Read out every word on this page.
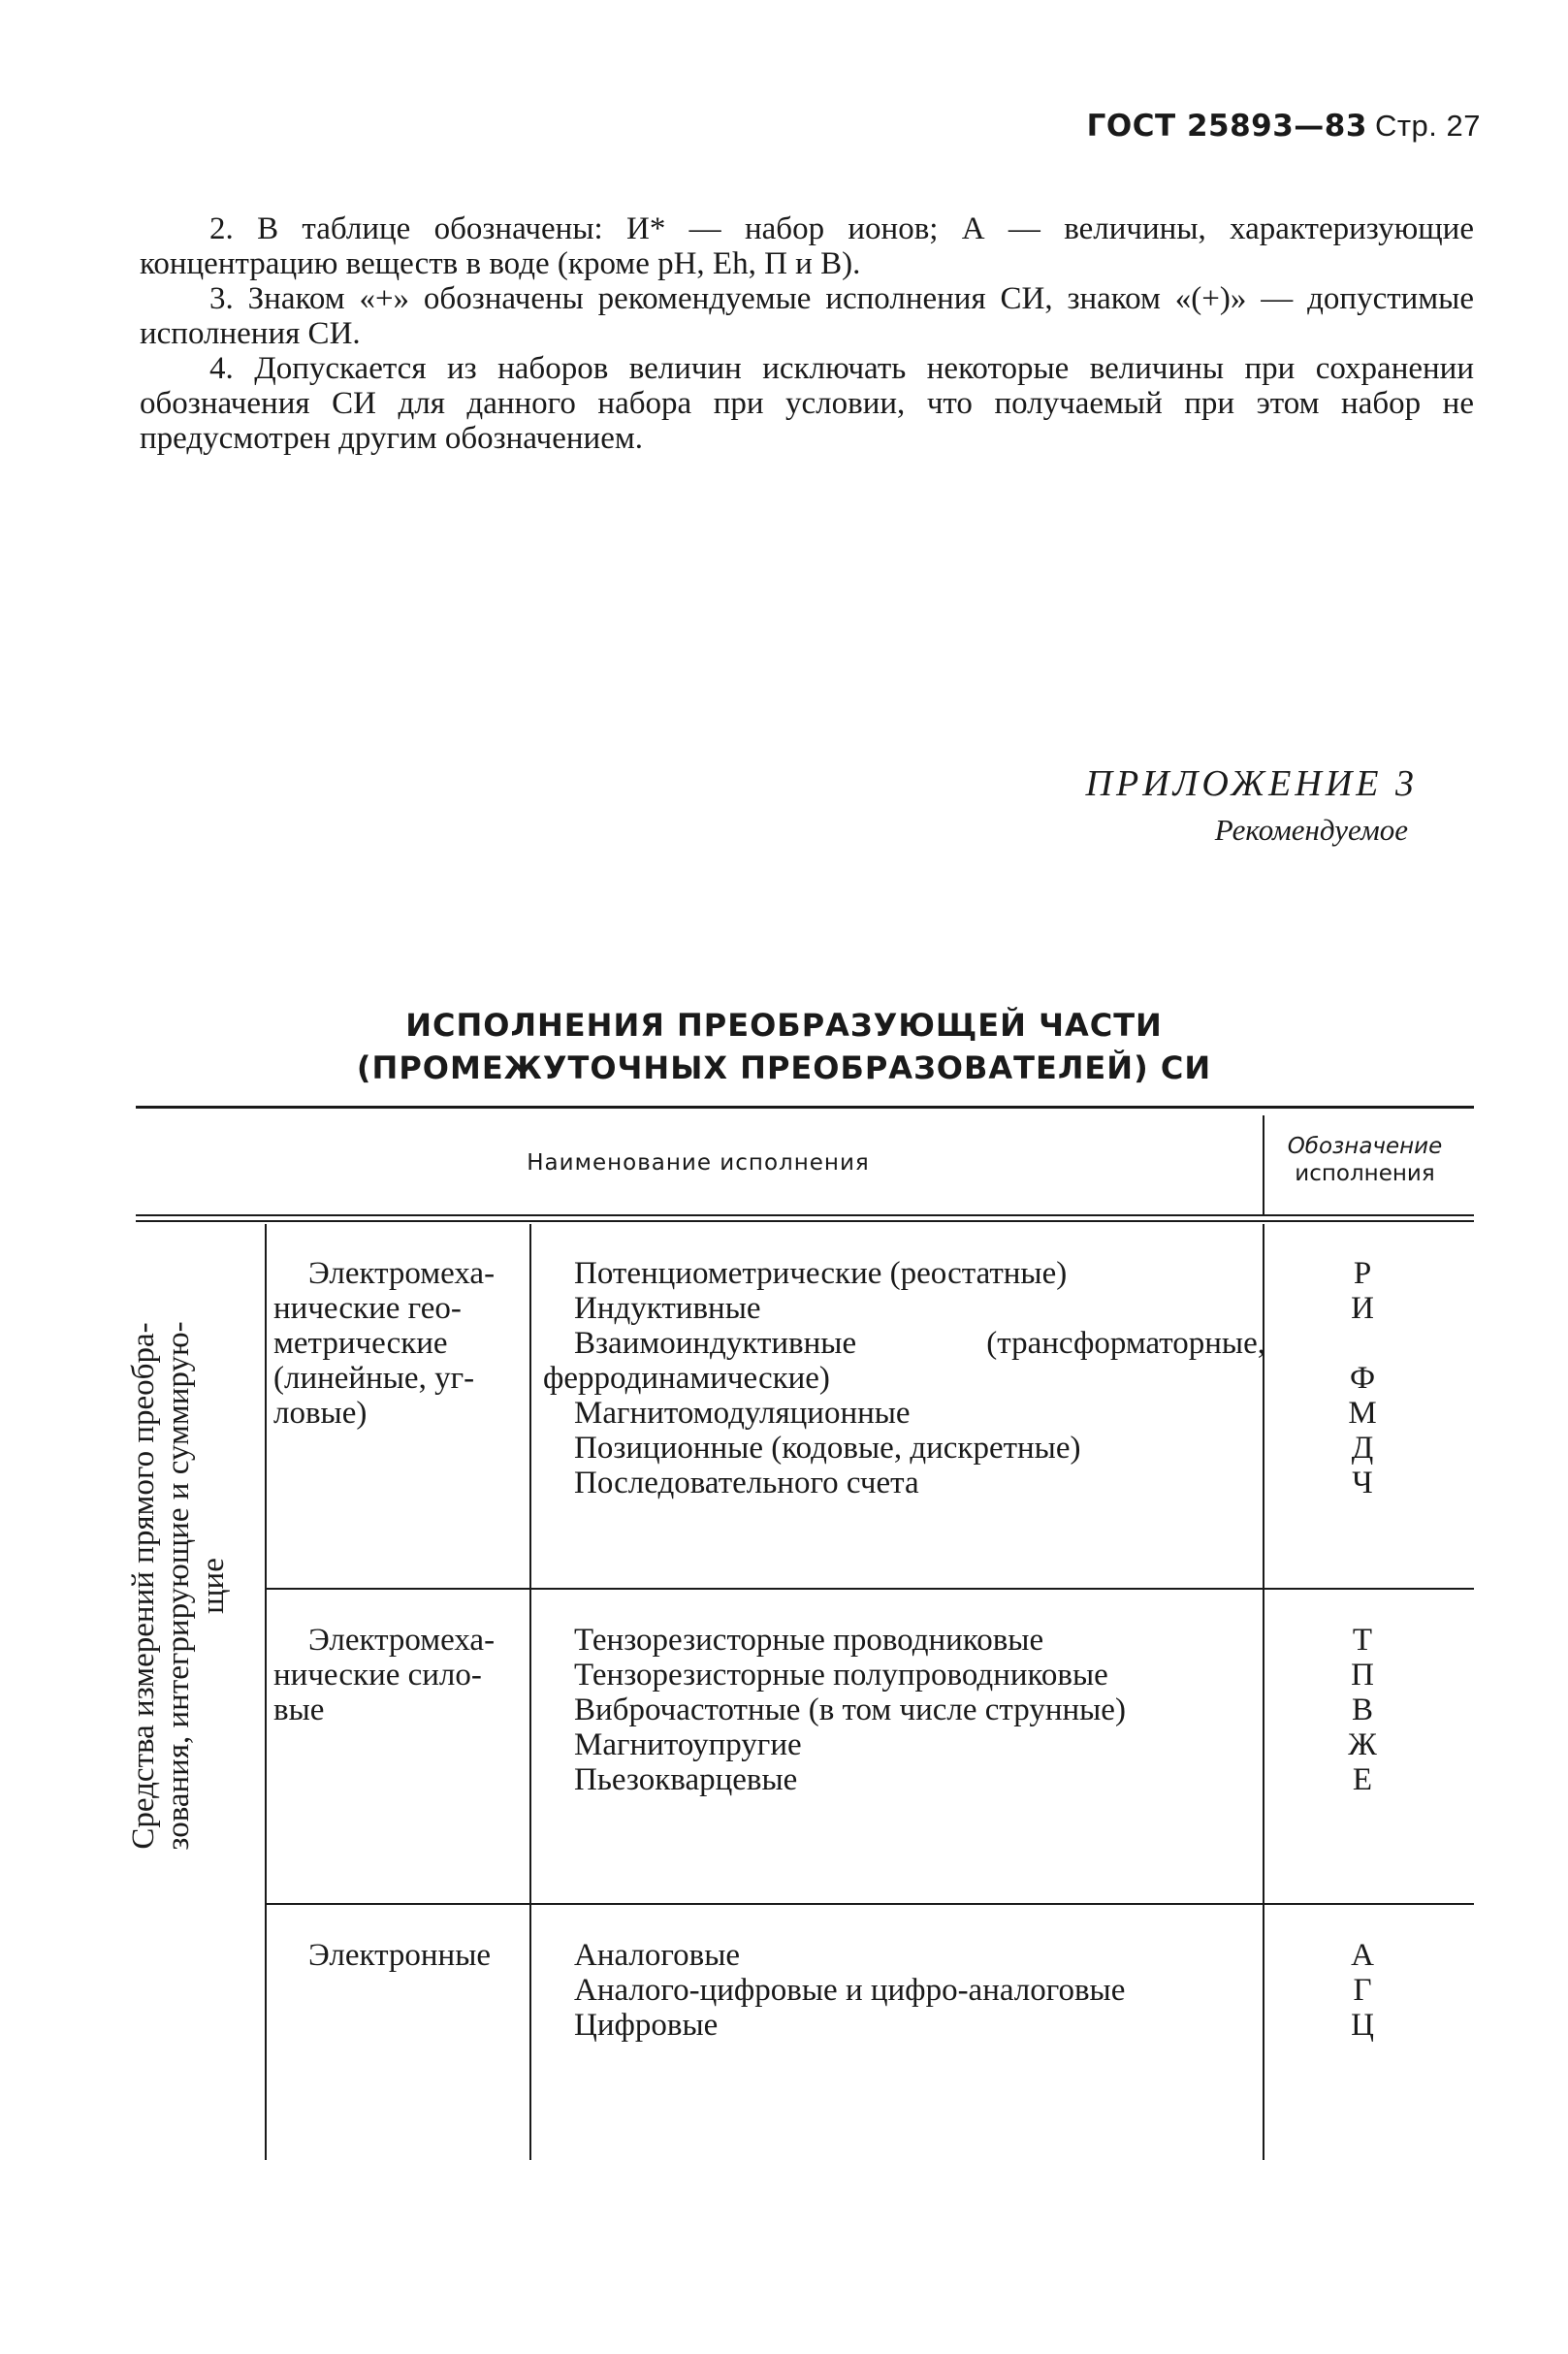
ГОСТ 25893—83 Стр. 27

2. В таблице обозначены: И* — набор ионов; А — величины, характеризующие концентрацию веществ в воде (кроме pH, Eh, П и В).

3. Знаком «+» обозначены рекомендуемые исполнения СИ, знаком «(+)» — допустимые исполнения СИ.

4. Допускается из наборов величин исключать некоторые величины при сохранении обозначения СИ для данного набора при условии, что получаемый при этом набор не предусмотрен другим обозначением.

ПРИЛОЖЕНИЕ 3
Рекомендуемое
ИСПОЛНЕНИЯ ПРЕОБРАЗУЮЩЕЙ ЧАСТИ
(ПРОМЕЖУТОЧНЫХ ПРЕОБРАЗОВАТЕЛЕЙ) СИ
Наименование исполнения
Обозначение
исполнения
Средства измерений прямого преобра- зования, интегрирующие и суммирую- щие
Электромеха-
нические гео-
метрические
(линейные, уг-
ловые)
Потенциометрические (реостатные)
Индуктивные
Взаимоиндуктивные (трансформаторные,
ферродинамические)
Магнитомодуляционные
Позиционные (кодовые, дискретные)
Последовательного счета
Р
И
Ф
М
Д
Ч
Электромеха-
нические сило-
вые
Тензорезисторные проводниковые
Тензорезисторные полупроводниковые
Виброчастотные (в том числе струнные)
Магнитоупругие
Пьезокварцевые
Т
П
В
Ж
Е
Электронные	Аналоговые
Аналого-цифровые и цифро-аналоговые
Цифровые
А
Г
Ц
